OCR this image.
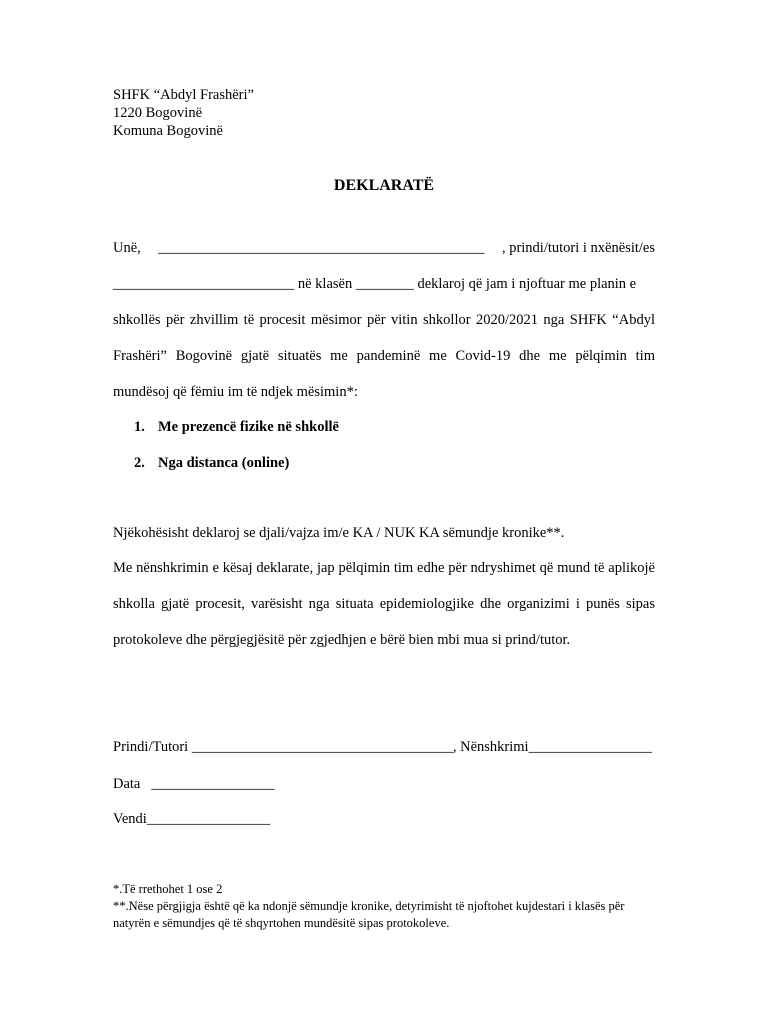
SHFK “Abdyl Frashëri”
1220 Bogovinë
Komuna Bogovinë
DEKLARATË
Unë, _____________________________________________ , prindi/tutori i nxënësit/es
_________________________ në klasën ________ deklaroj që jam i njoftuar me planin e
shkollës për zhvillim të procesit mësimor për vitin shkollor 2020/2021 nga SHFK “Abdyl Frashëri” Bogovinë gjatë situatës me pandeminë me Covid-19 dhe me pëlqimin tim mundësoj që fëmiu im të ndjek mësimin*:
1. Me prezencë fizike në shkollë
2. Nga distanca (online)
Njëkohësisht deklaroj se djali/vajza im/e KA / NUK KA sëmundje kronike**.
Me nënshkrimin e kësaj deklarate, jap pëlqimin tim edhe për ndryshimet që mund të aplikojë shkolla gjatë procesit, varësisht nga situata epidemiologjike dhe organizimi i punës sipas protokoleve dhe përgjegjësitë për zgjedhjen e bërë bien mbi mua si prind/tutor.
Prindi/Tutori ____________________________________, Nënshkrimi_________________
Data   _________________
Vendi_________________
*.Të rrethohet 1 ose 2
**.Nëse përgjigja është që ka ndonjë sëmundje kronike, detyrimisht të njoftohet kujdestari i klasës për natyrën e sëmundjes që të shqyrtohen mundësitë sipas protokoleve.
